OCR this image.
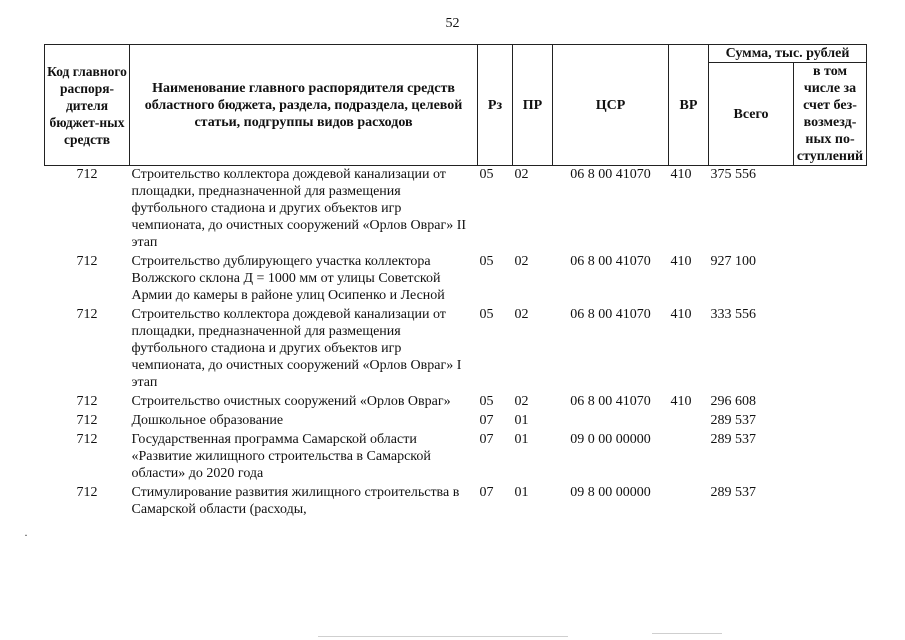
52
Код главного распоря-дителя бюджет-ных средств	Наименование главного распорядителя средств областного бюджета, раздела, подраздела, целевой статьи, подгруппы видов расходов	Рз	ПР	ЦСР	ВР	Сумма, тыс. рублей	
						Всего	в том числе за счет без-возмезд-ных по-ступлений
712	Строительство коллектора дождевой канализации от площадки, предназначенной для размещения футбольного стадиона и других объектов игр чемпионата, до очистных сооружений «Орлов Овраг» II этап	05	02	06 8 00 41070	410	375 556	
712	Строительство дублирующего участка коллектора Волжского склона Д = 1000 мм от улицы Советской Армии до камеры в районе улиц Осипенко и Лесной	05	02	06 8 00 41070	410	927 100	
712	Строительство коллектора дождевой канализации от площадки, предназначенной для размещения футбольного стадиона и других объектов игр чемпионата, до очистных сооружений «Орлов Овраг» I этап	05	02	06 8 00 41070	410	333 556	
712	Строительство очистных сооружений «Орлов Овраг»	05	02	06 8 00 41070	410	296 608	
712	Дошкольное образование	07	01			289 537	
712	Государственная программа Самарской области «Развитие жилищного строительства в Самарской области» до 2020 года	07	01	09 0 00 00000		289 537	
712	Стимулирование развития жилищного строительства в Самарской области (расходы,	07	01	09 8 00 00000		289 537	
·
